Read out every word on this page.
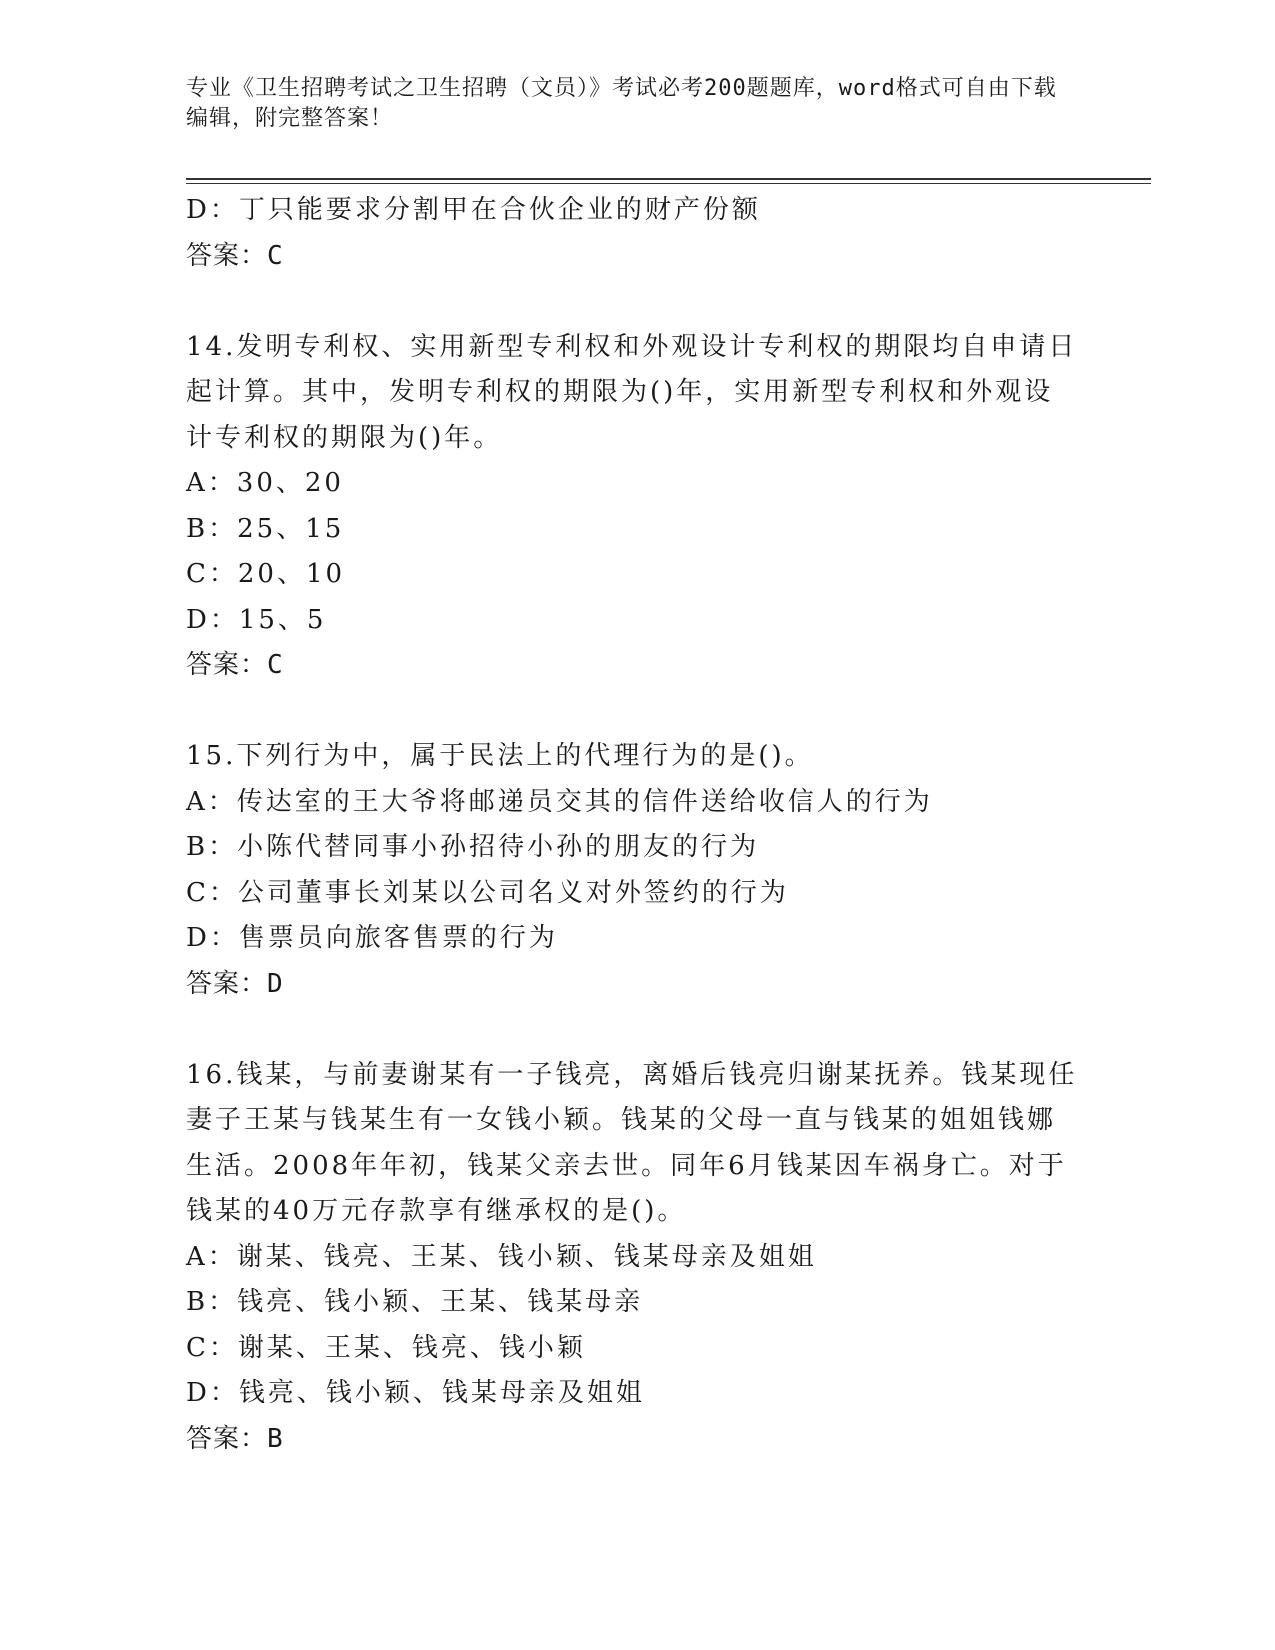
专业《卫生招聘考试之卫生招聘（文员）》考试必考200题题库，word格式可自由下载编辑，附完整答案！
D：丁只能要求分割甲在合伙企业的财产份额
答案：C
14.发明专利权、实用新型专利权和外观设计专利权的期限均自申请日
起计算。其中，发明专利权的期限为()年，实用新型专利权和外观设
计专利权的期限为()年。
A：30、20
B：25、15
C：20、10
D：15、5
答案：C
15.下列行为中，属于民法上的代理行为的是()。
A：传达室的王大爷将邮递员交其的信件送给收信人的行为
B：小陈代替同事小孙招待小孙的朋友的行为
C：公司董事长刘某以公司名义对外签约的行为
D：售票员向旅客售票的行为
答案：D
16.钱某，与前妻谢某有一子钱亮，离婚后钱亮归谢某抚养。钱某现任
妻子王某与钱某生有一女钱小颖。钱某的父母一直与钱某的姐姐钱娜
生活。2008年年初，钱某父亲去世。同年6月钱某因车祸身亡。对于
钱某的40万元存款享有继承权的是()。
A：谢某、钱亮、王某、钱小颖、钱某母亲及姐姐
B：钱亮、钱小颖、王某、钱某母亲
C：谢某、王某、钱亮、钱小颖
D：钱亮、钱小颖、钱某母亲及姐姐
答案：B
